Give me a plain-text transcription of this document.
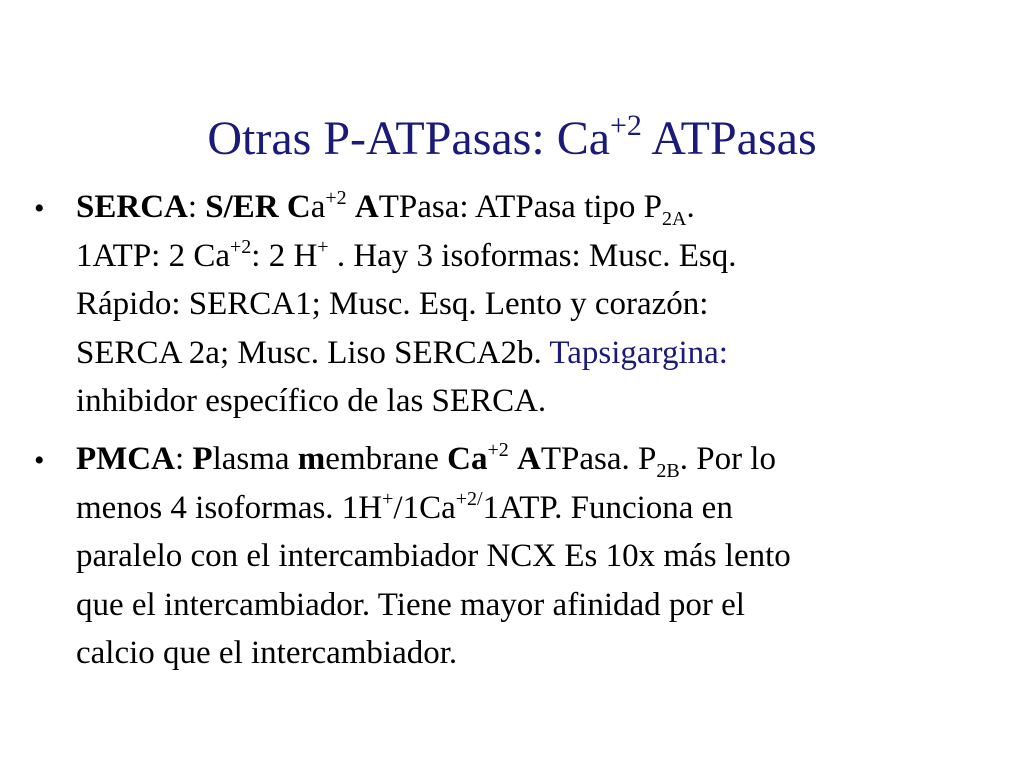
Otras P-ATPasas: $Ca^{+2}$ ATPasas
• SERCA: S/ER $Ca^{+2}$ ATPasa: ATPasa tipo $P_{2A}$.
1ATP: 2 $Ca^{+2}$: 2 H+ . Hay 3 isoformas: Musc. Esq.
Rápido: SERCA1; Musc. Esq. Lento y corazón:
SERCA 2a; Musc. Liso SERCA2b. Tapsigargina:
inhibidor específico de las SERCA.
• PMCA: Plasma membrane $Ca^{+2}$ ATPasa. $P_{2B}$. Por lo
menos 4 isoformas. $1H^+/1Ca^{+2/}1ATP$. Funciona en
paralelo con el intercambiador NCX Es 10x más lento
que el intercambiador. Tiene mayor afinidad por el
calcio que el intercambiador.
